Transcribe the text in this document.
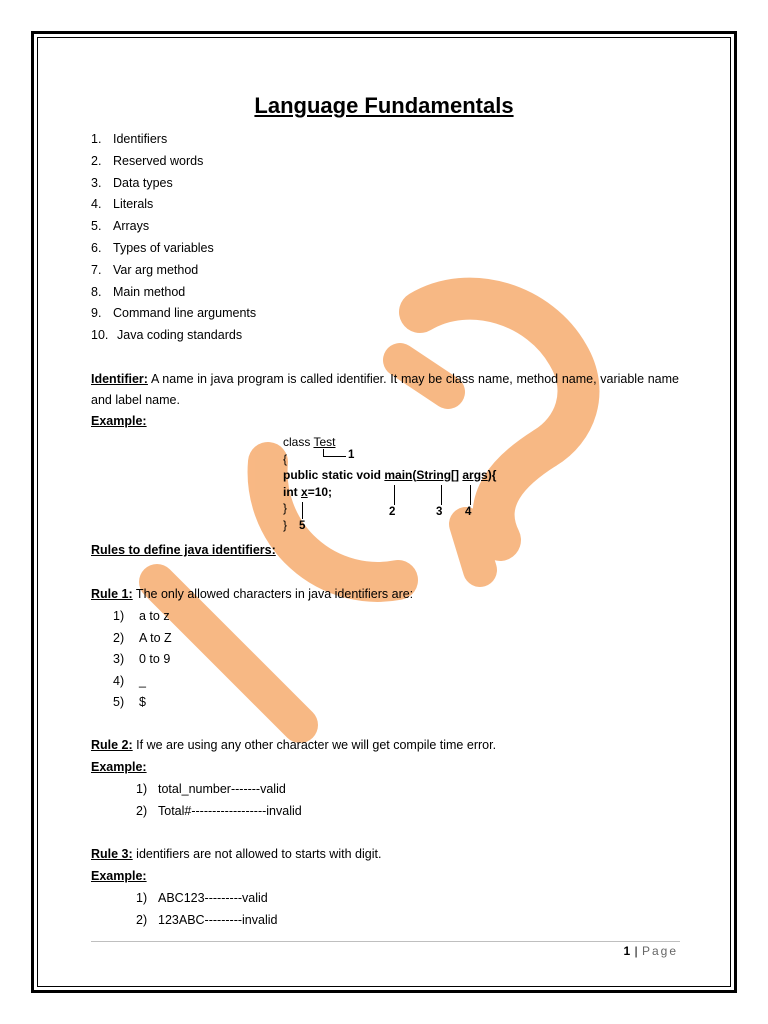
Language Fundamentals
1. Identifiers
2. Reserved words
3. Data types
4. Literals
5. Arrays
6. Types of variables
7. Var arg method
8. Main method
9. Command line arguments
10. Java coding standards
Identifier: A name in java program is called identifier. It may be class name, method name, variable name and label name.
Example:
class Test
{
public static void main(String[] args){
int x=10;
}
}
1
2	3 4
5
Rules to define java identifiers:
Rule 1: The only allowed characters in java identifiers are:
1) a to z
2) A to Z
3) 0 to 9
4) _
5) $
Rule 2: If we are using any other character we will get compile time error.
Example:
1) total_number-------valid
2) Total#------------------invalid
Rule 3: identifiers are not allowed to starts with digit.
Example:
1) ABC123---------valid
2) 123ABC---------invalid
1 | Page
